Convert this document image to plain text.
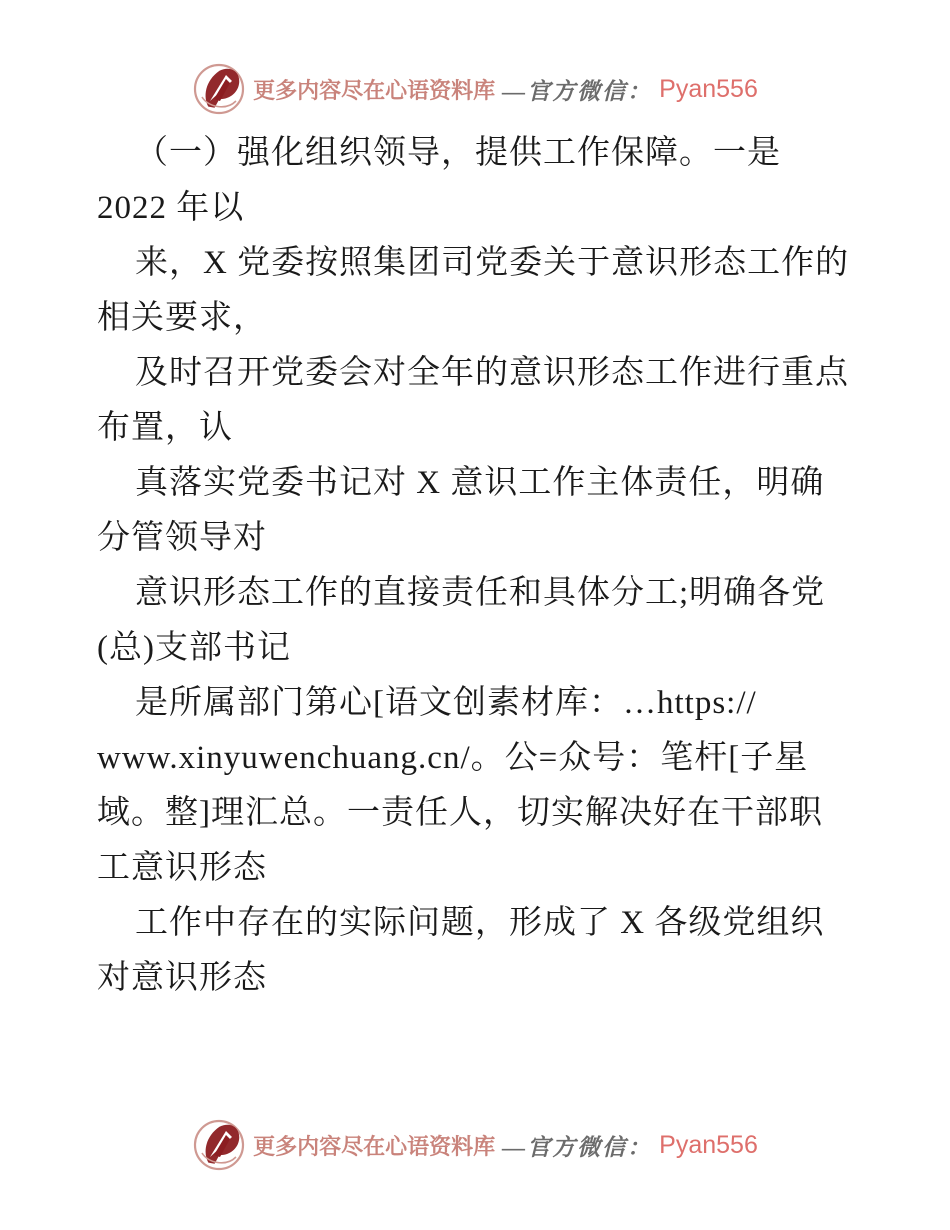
更多内容尽在心语资料库 —官方微信： Pyan556
（一）强化组织领导，提供工作保障。一是
2022 年以
来，X 党委按照集团司党委关于意识形态工作的
相关要求，
及时召开党委会对全年的意识形态工作进行重点
布置，认
真落实党委书记对 X 意识工作主体责任，明确
分管领导对
意识形态工作的直接责任和具体分工;明确各党
(总)支部书记
是所属部门第心[语文创素材库：…https://
www.xinyuwenchuang.cn/。公=众号：笔杆[子星
域。整]理汇总。一责任人，切实解决好在干部职
工意识形态
工作中存在的实际问题，形成了 X 各级党组织
对意识形态
更多内容尽在心语资料库 —官方微信： Pyan556
